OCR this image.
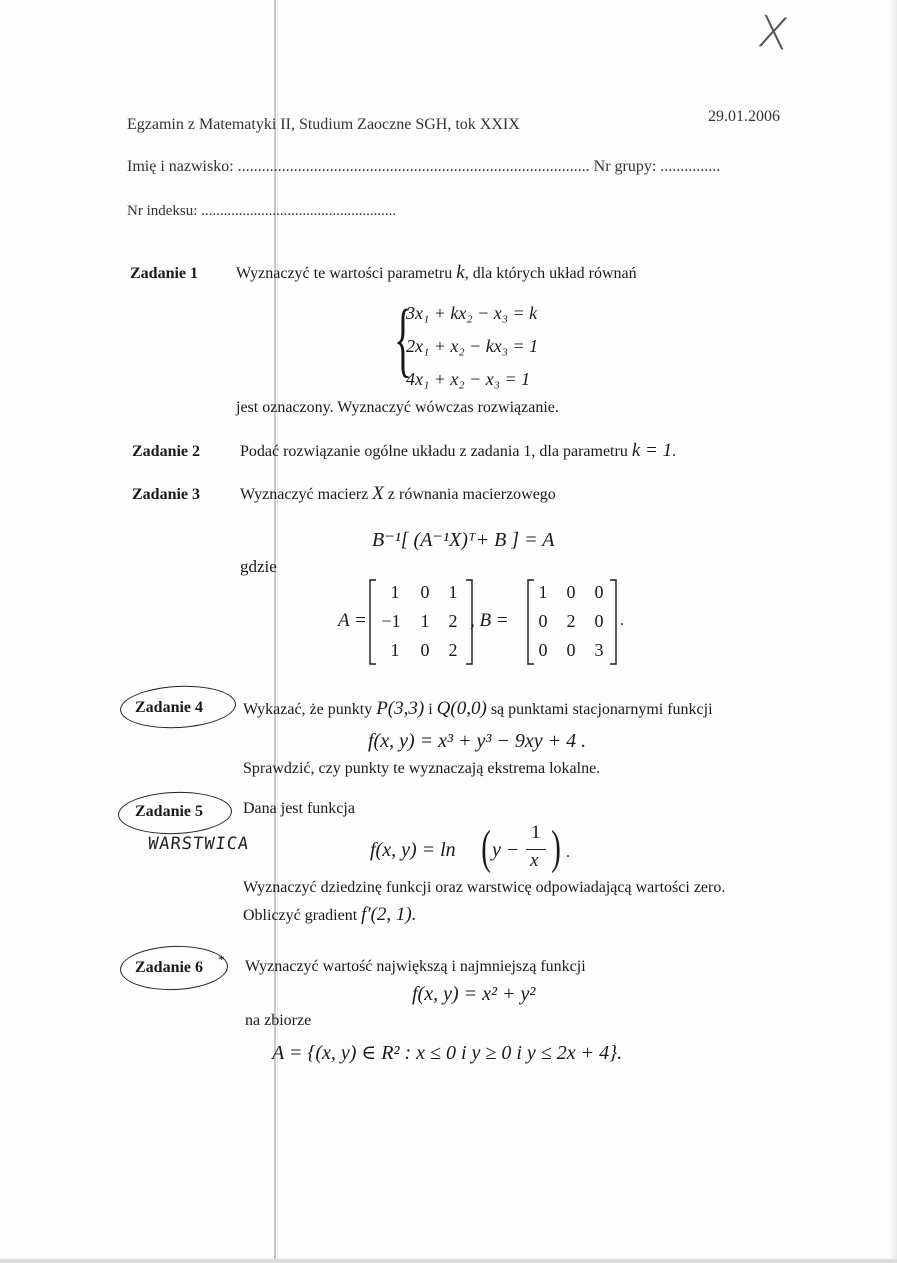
X
Egzamin z Matematyki II, Studium Zaoczne SGH, tok XXIX	29.01.2006
Imię i nazwisko: ........................................................................................ Nr grupy: ...............
Nr indeksu: ....................................................
Zadanie 1 Wyznaczyć te wartości parametru k, dla których układ równań
{
3x₁ + kx₂ − x₃ = k
2x₁ + x₂ − kx₃ = 1
4x₁ + x₂ − x₃ = 1
jest oznaczony. Wyznaczyć wówczas rozwiązanie.
Zadanie 2 Podać rozwiązanie ogólne układu z zadania 1, dla parametru k = 1.
Zadanie 3 Wyznaczyć macierz X z równania macierzowego
B⁻¹[ (A⁻¹X)ᵀ+ B ] = A
gdzie
A =
1	0	1
−1	1	2
1	0	2
, B =
1	0	0
0	2	0
0	0	3
.
Zadanie 4 Wykazać, że punkty P(3,3) i Q(0,0) są punktami stacjonarnymi funkcji
f(x, y) = x³ + y³ − 9xy + 4 .
Sprawdzić, czy punkty te wyznaczają ekstrema lokalne.
Zadanie 5
WARSTWICA
Dana jest funkcja
f(x, y) = ln ( y −
1
x ) .
Wyznaczyć dziedzinę funkcji oraz warstwicę odpowiadającą wartości zero.
Obliczyć gradient f′(2, 1).
Zadanie 6 * Wyznaczyć wartość największą i najmniejszą funkcji
f(x, y) = x² + y²
na zbiorze
A = {(x, y) ∈ R² : x ≤ 0 i y ≥ 0 i y ≤ 2x + 4}.
